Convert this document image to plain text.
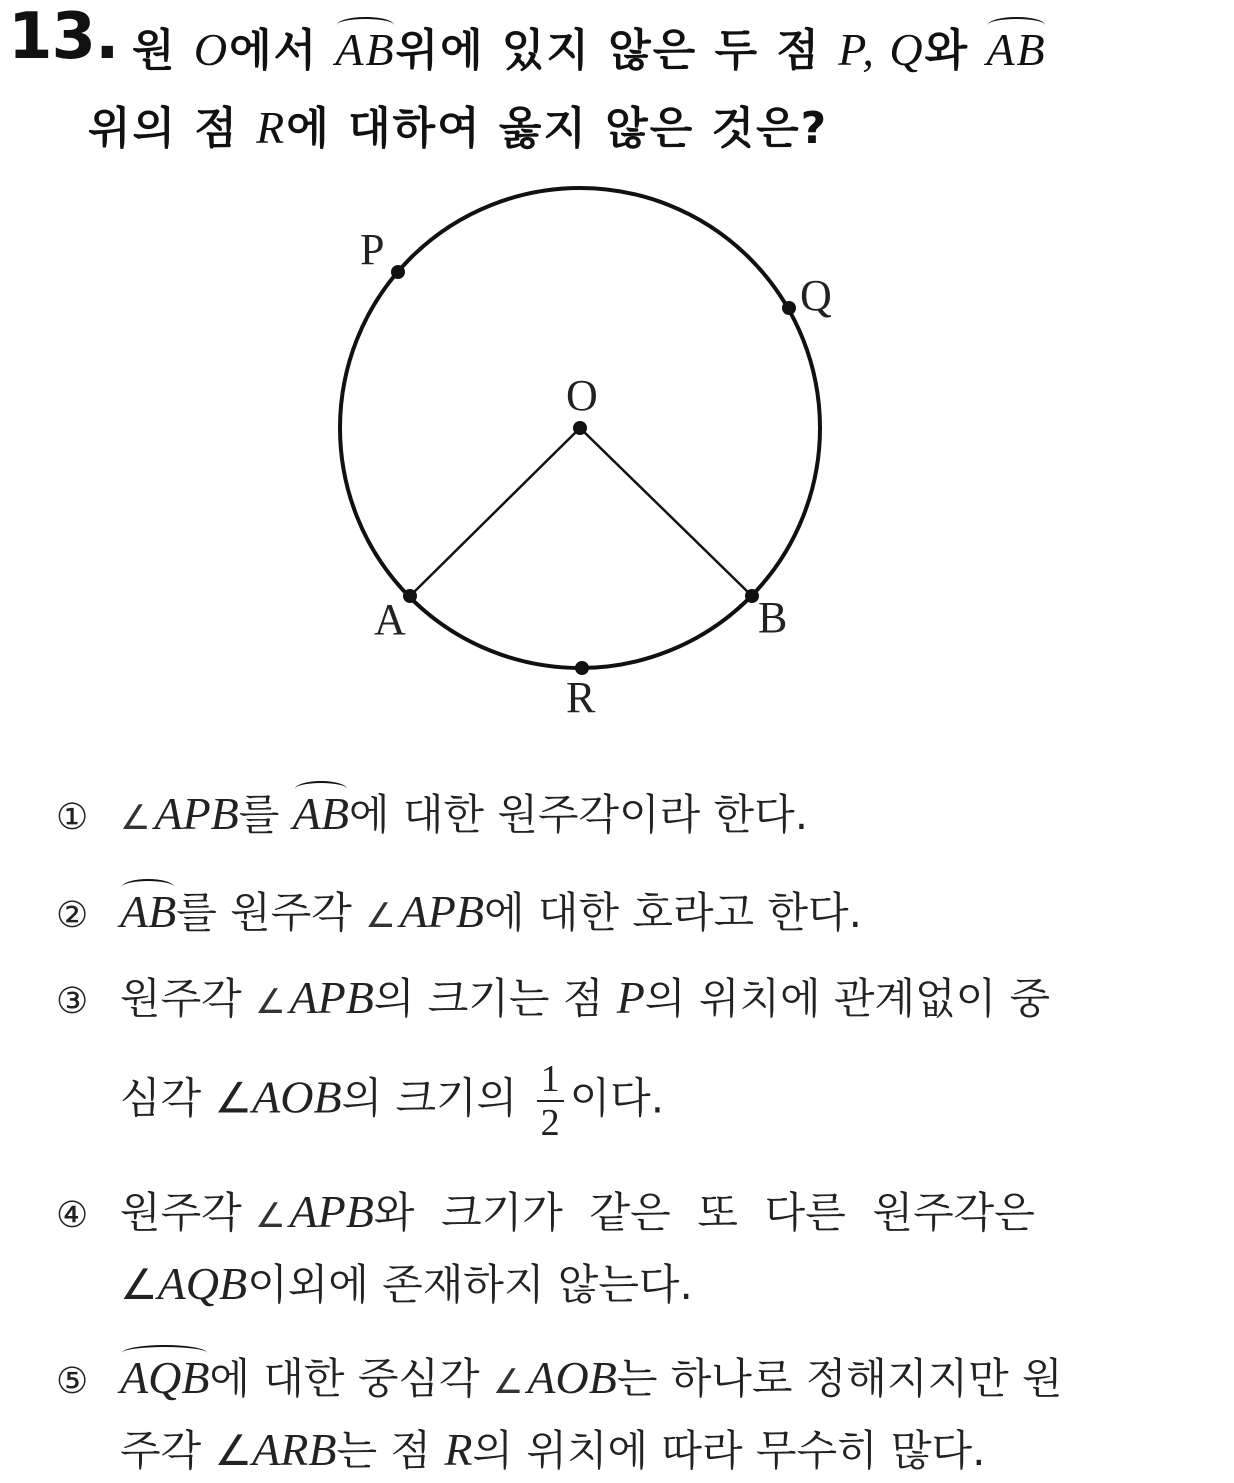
13. 원 O에서 AB위에 있지 않은 두 점 P, Q와 AB
위의 점 R에 대하여 옳지 않은 것은?
P
Q
O
A	B
R
① ∠APB를 AB에 대한 원주각이라 한다.
② AB를 원주각 ∠APB에 대한 호라고 한다.
③ 원주각 ∠APB의 크기는 점 P의 위치에 관계없이 중
심각 ∠AOB의 크기의 $\frac{1}{2}$ 이다.
④ 원주각 ∠APB와  크기가  같은  또  다른  원주각은
∠AQB이외에 존재하지 않는다.
⑤ AQB에 대한 중심각 ∠AOB는 하나로 정해지지만 원
주각 ∠ARB는 점 R의 위치에 따라 무수히 많다.
